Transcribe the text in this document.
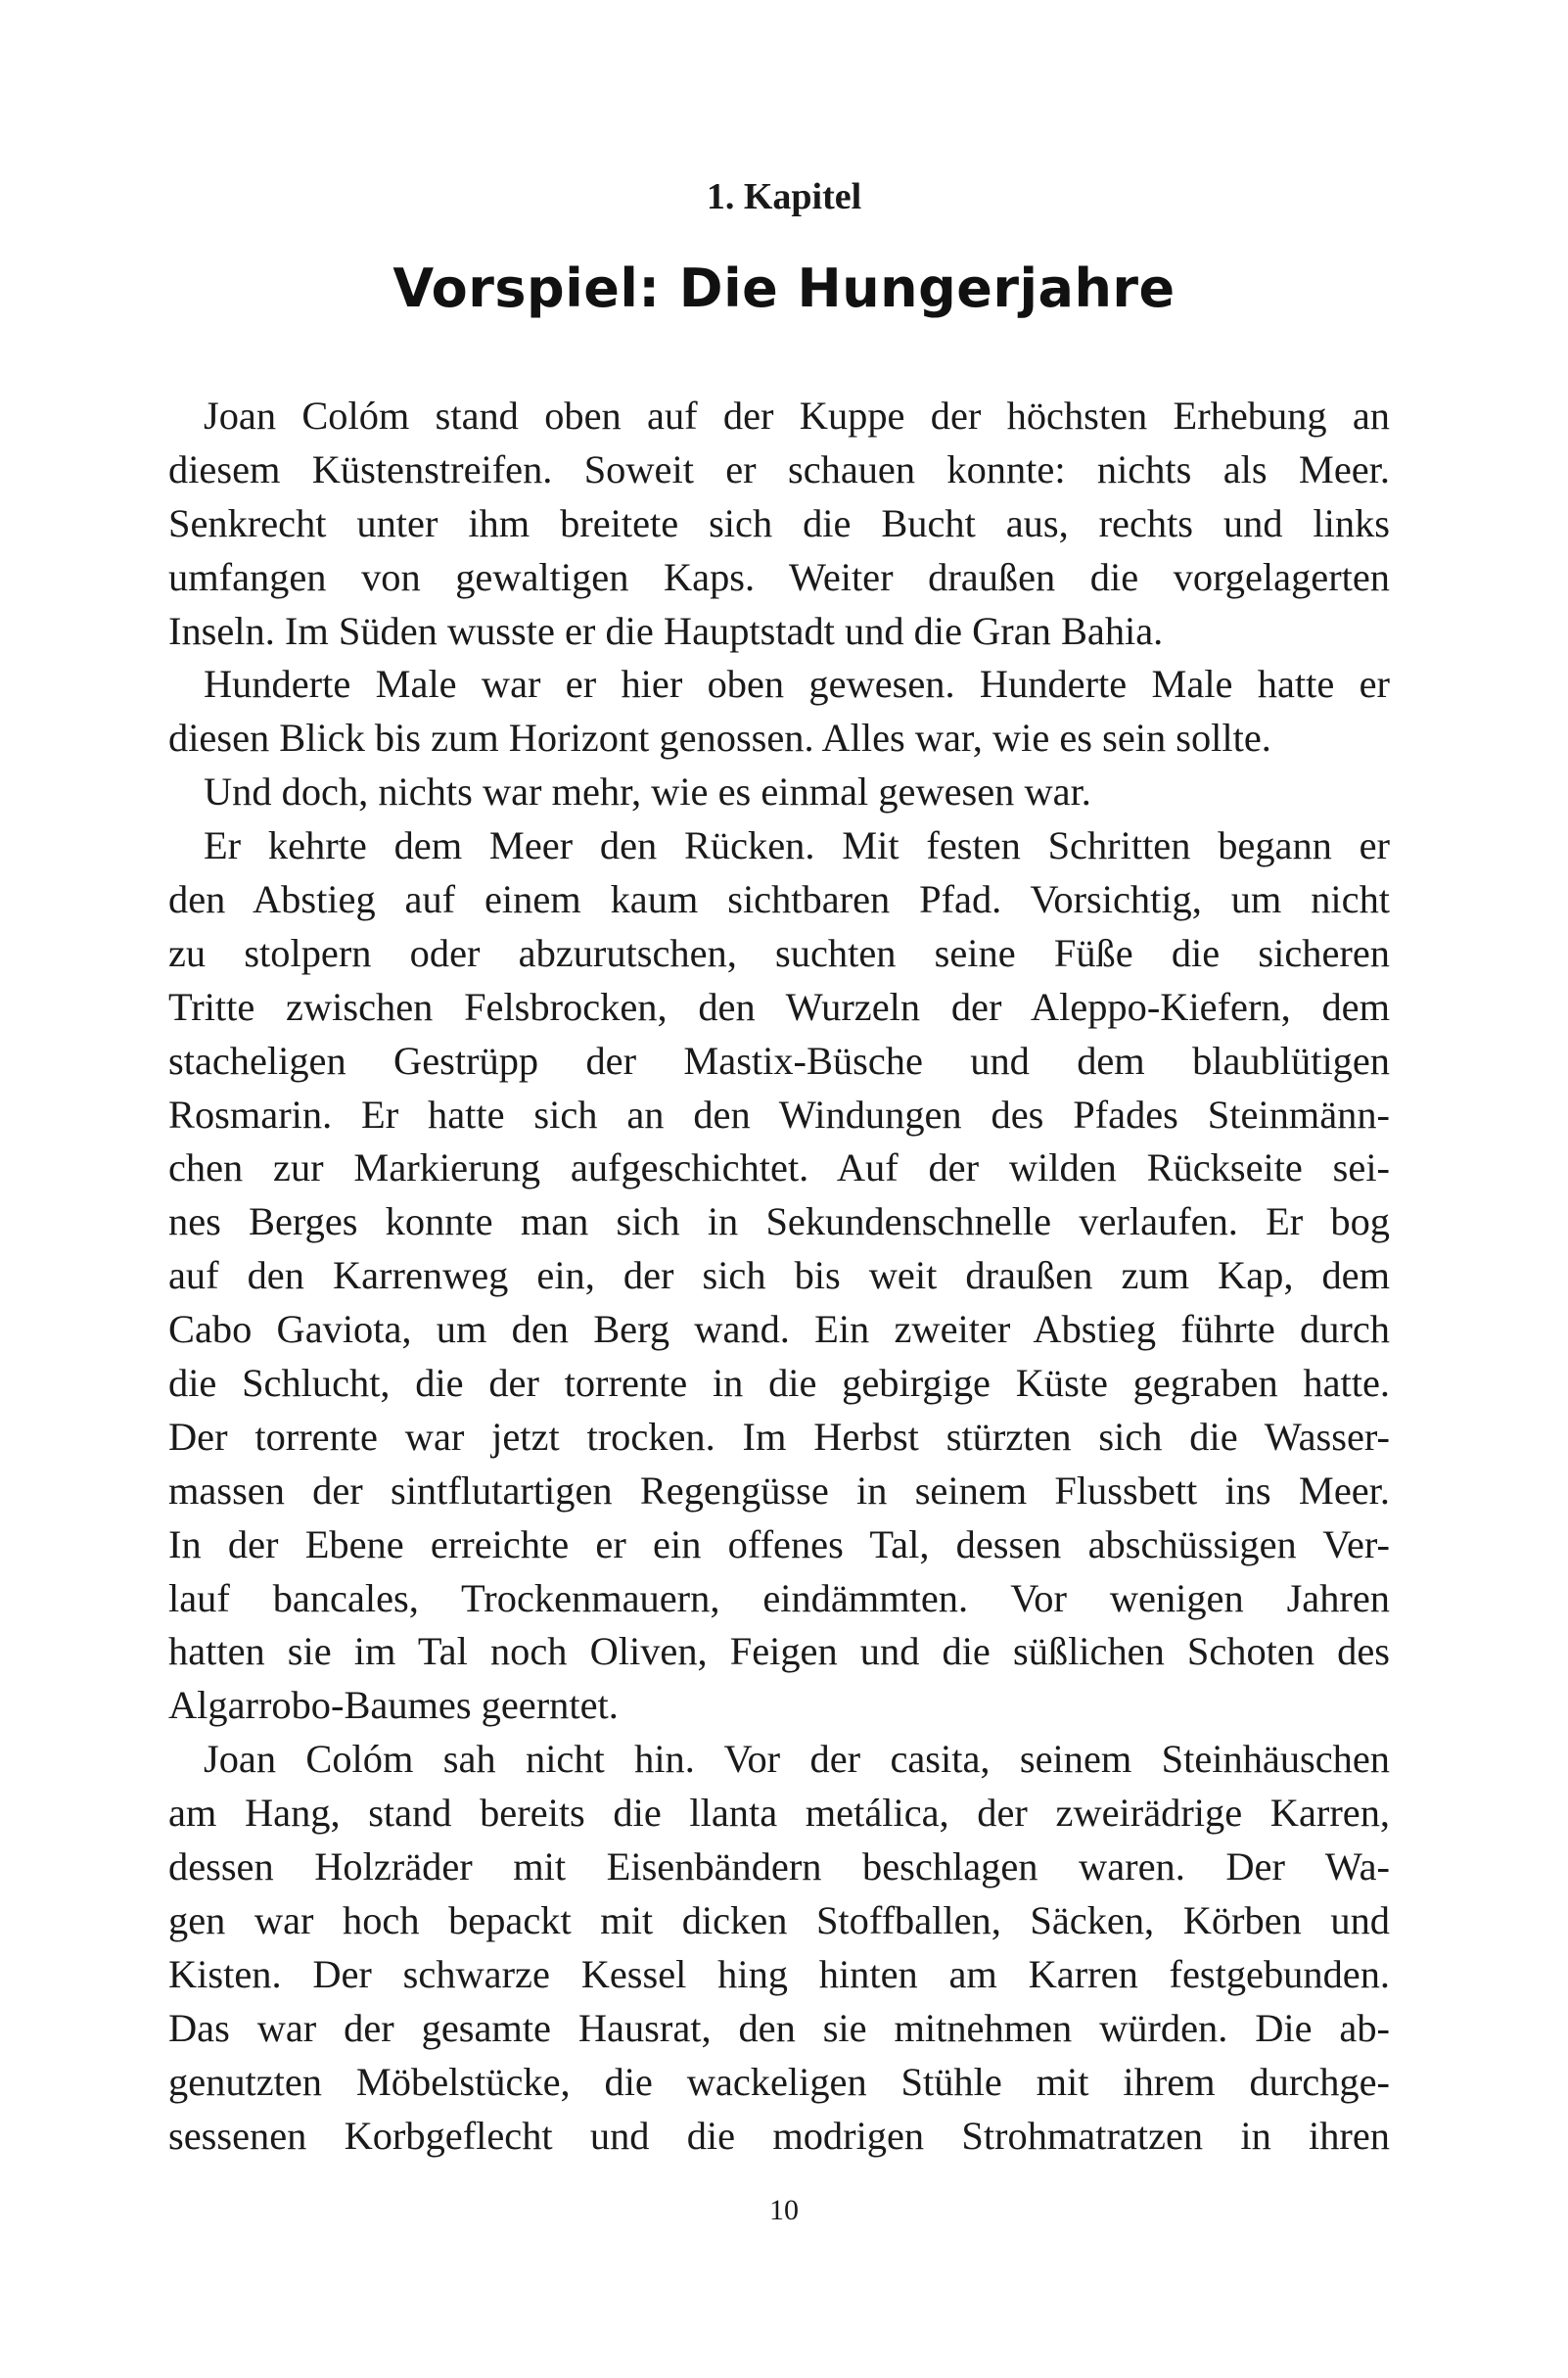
1. Kapitel
Vorspiel: Die Hungerjahre
Joan Colóm stand oben auf der Kuppe der höchsten Erhebung an
diesem Küstenstreifen. Soweit er schauen konnte: nichts als Meer.
Senkrecht unter ihm breitete sich die Bucht aus, rechts und links
umfangen von gewaltigen Kaps. Weiter draußen die vorgelagerten
Inseln. Im Süden wusste er die Hauptstadt und die Gran Bahia.
Hunderte Male war er hier oben gewesen. Hunderte Male hatte er
diesen Blick bis zum Horizont genossen. Alles war, wie es sein sollte.
Und doch, nichts war mehr, wie es einmal gewesen war.
Er kehrte dem Meer den Rücken. Mit festen Schritten begann er
den Abstieg auf einem kaum sichtbaren Pfad. Vorsichtig, um nicht
zu stolpern oder abzurutschen, suchten seine Füße die sicheren
Tritte zwischen Felsbrocken, den Wurzeln der Aleppo-Kiefern, dem
stacheligen Gestrüpp der Mastix-Büsche und dem blaublütigen
Rosmarin. Er hatte sich an den Windungen des Pfades Steinmänn-
chen zur Markierung aufgeschichtet. Auf der wilden Rückseite sei-
nes Berges konnte man sich in Sekundenschnelle verlaufen. Er bog
auf den Karrenweg ein, der sich bis weit draußen zum Kap, dem
Cabo Gaviota, um den Berg wand. Ein zweiter Abstieg führte durch
die Schlucht, die der torrente in die gebirgige Küste gegraben hatte.
Der torrente war jetzt trocken. Im Herbst stürzten sich die Wasser-
massen der sintflutartigen Regengüsse in seinem Flussbett ins Meer.
In der Ebene erreichte er ein offenes Tal, dessen abschüssigen Ver-
lauf bancales, Trockenmauern, eindämmten. Vor wenigen Jahren
hatten sie im Tal noch Oliven, Feigen und die süßlichen Schoten des
Algarrobo-Baumes geerntet.
Joan Colóm sah nicht hin. Vor der casita, seinem Steinhäuschen
am Hang, stand bereits die llanta metálica, der zweirädrige Karren,
dessen Holzräder mit Eisenbändern beschlagen waren. Der Wa-
gen war hoch bepackt mit dicken Stoffballen, Säcken, Körben und
Kisten. Der schwarze Kessel hing hinten am Karren festgebunden.
Das war der gesamte Hausrat, den sie mitnehmen würden. Die ab-
genutzten Möbelstücke, die wackeligen Stühle mit ihrem durchge-
sessenen Korbgeflecht und die modrigen Strohmatratzen in ihren
10
